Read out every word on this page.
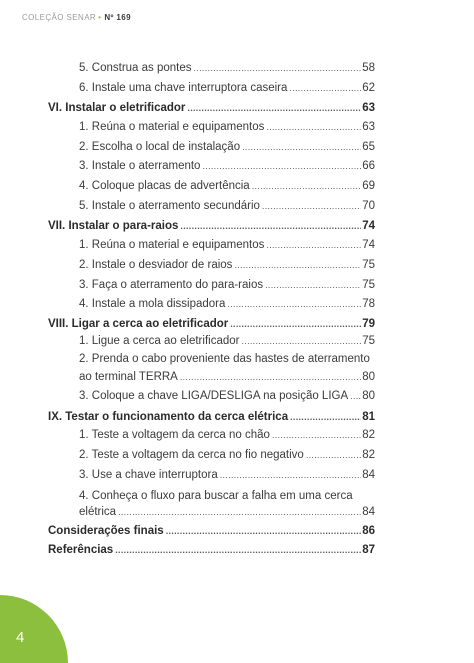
COLEÇÃO SENAR • Nº 169
5. Construa as pontes .....	58
6. Instale uma chave interruptora caseira .....	62
VI. Instalar o eletrificador .....	63
1. Reúna o material e equipamentos .....	63
2. Escolha o local de instalação .....	65
3. Instale o aterramento .....	66
4. Coloque placas de advertência .....	69
5. Instale o aterramento secundário .....	70
VII. Instalar o para-raios .....	74
1. Reúna o material e equipamentos .....	74
2. Instale o desviador de raios .....	75
3. Faça o aterramento do para-raios .....	75
4. Instale a mola dissipadora .....	78
VIII. Ligar a cerca ao eletrificador .....	79
1. Ligue a cerca ao eletrificador .....	75
2. Prenda o cabo proveniente das hastes de aterramento
ao terminal TERRA .....	80
3. Coloque a chave LIGA/DESLIGA na posição LIGA ..... 80
IX. Testar o funcionamento da cerca elétrica .....	81
1. Teste a voltagem da cerca no chão .....	82
2. Teste a voltagem da cerca no fio negativo .....	82
3. Use a chave interruptora .....	84
4. Conheça o fluxo para buscar a falha em uma cerca
elétrica .....	84
Considerações finais .....	86
Referências .....	87
4
